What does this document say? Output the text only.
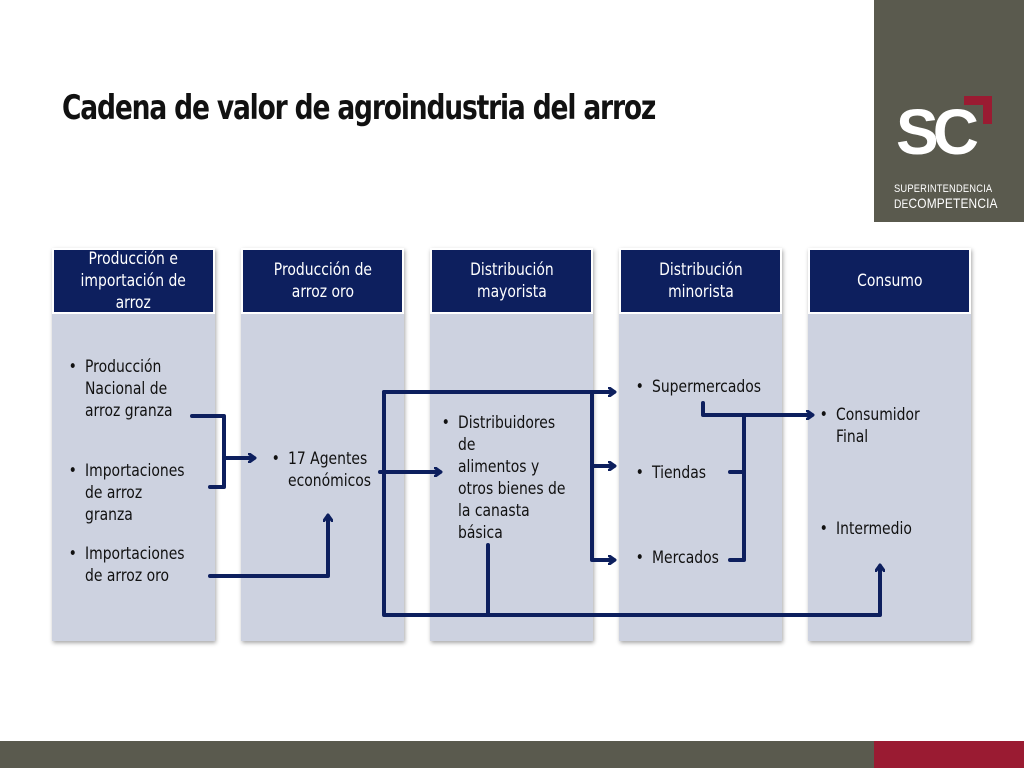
Cadena de valor de agroindustria del arroz	SC
SUPERINTENDENCIA
DECOMPETENCIA
Producción e
importación de
arroz
• Producción
Nacional de
arroz granza
• Importaciones
de arroz granza
• Importaciones
de arroz oro
Producción de
arroz oro
• 17 Agentes
económicos
Distribución
mayorista
• Distribuidores de
alimentos y
otros bienes de
la canasta
básica
Distribución
minorista
• Supermercados
• Tiendas
• Mercados
Consumo
• Consumidor Final
• Intermedio
